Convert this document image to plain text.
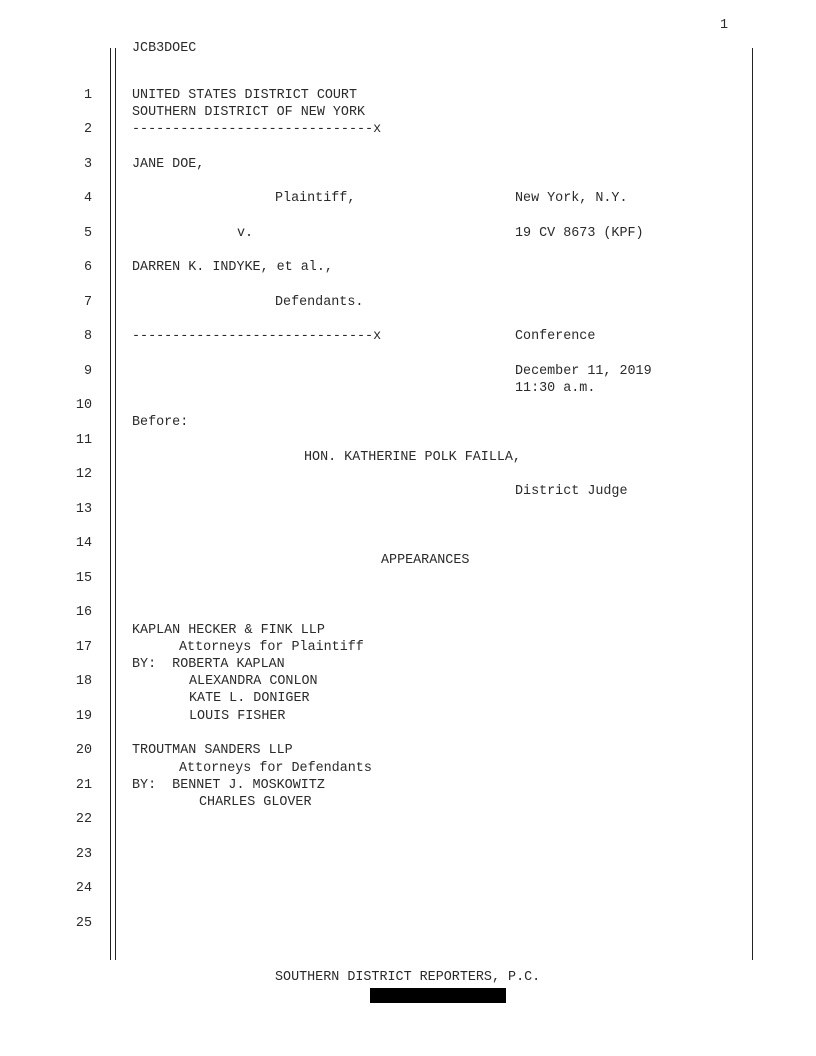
1
JCB3DOEC
1
2
3
4
5
6
7
8
9
10
11
12
13
14
15
16
17
18
19
20
21
22
23
24
25
UNITED STATES DISTRICT COURT
SOUTHERN DISTRICT OF NEW YORK
------------------------------x
JANE DOE,
Plaintiff,	New York, N.Y.
v.	19 CV 8673 (KPF)
DARREN K. INDYKE, et al.,
Defendants.
------------------------------x	Conference
December 11, 2019
11:30 a.m.
Before:
HON. KATHERINE POLK FAILLA,
District Judge
APPEARANCES
KAPLAN HECKER & FINK LLP
Attorneys for Plaintiff
BY:  ROBERTA KAPLAN
ALEXANDRA CONLON
KATE L. DONIGER
LOUIS FISHER
TROUTMAN SANDERS LLP
Attorneys for Defendants
BY:  BENNET J. MOSKOWITZ
CHARLES GLOVER
SOUTHERN DISTRICT REPORTERS, P.C.
